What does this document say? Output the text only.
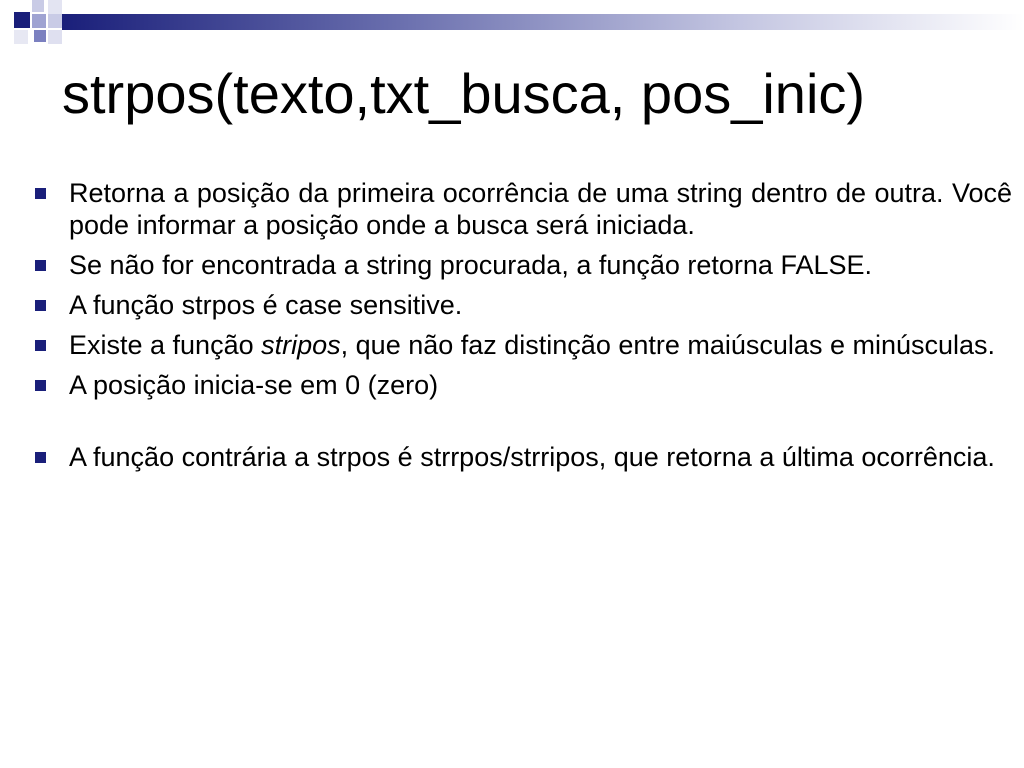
strpos(texto,txt_busca, pos_inic)
Retorna a posição da primeira ocorrência de uma string dentro de outra. Você pode informar a posição onde a busca será iniciada.
Se não for encontrada a string procurada, a função retorna FALSE.
A função strpos é case sensitive.
Existe a função stripos, que não faz distinção entre maiúsculas e minúsculas.
A posição inicia-se em 0 (zero)
A função contrária a strpos é strrpos/strripos, que retorna a última ocorrência.
